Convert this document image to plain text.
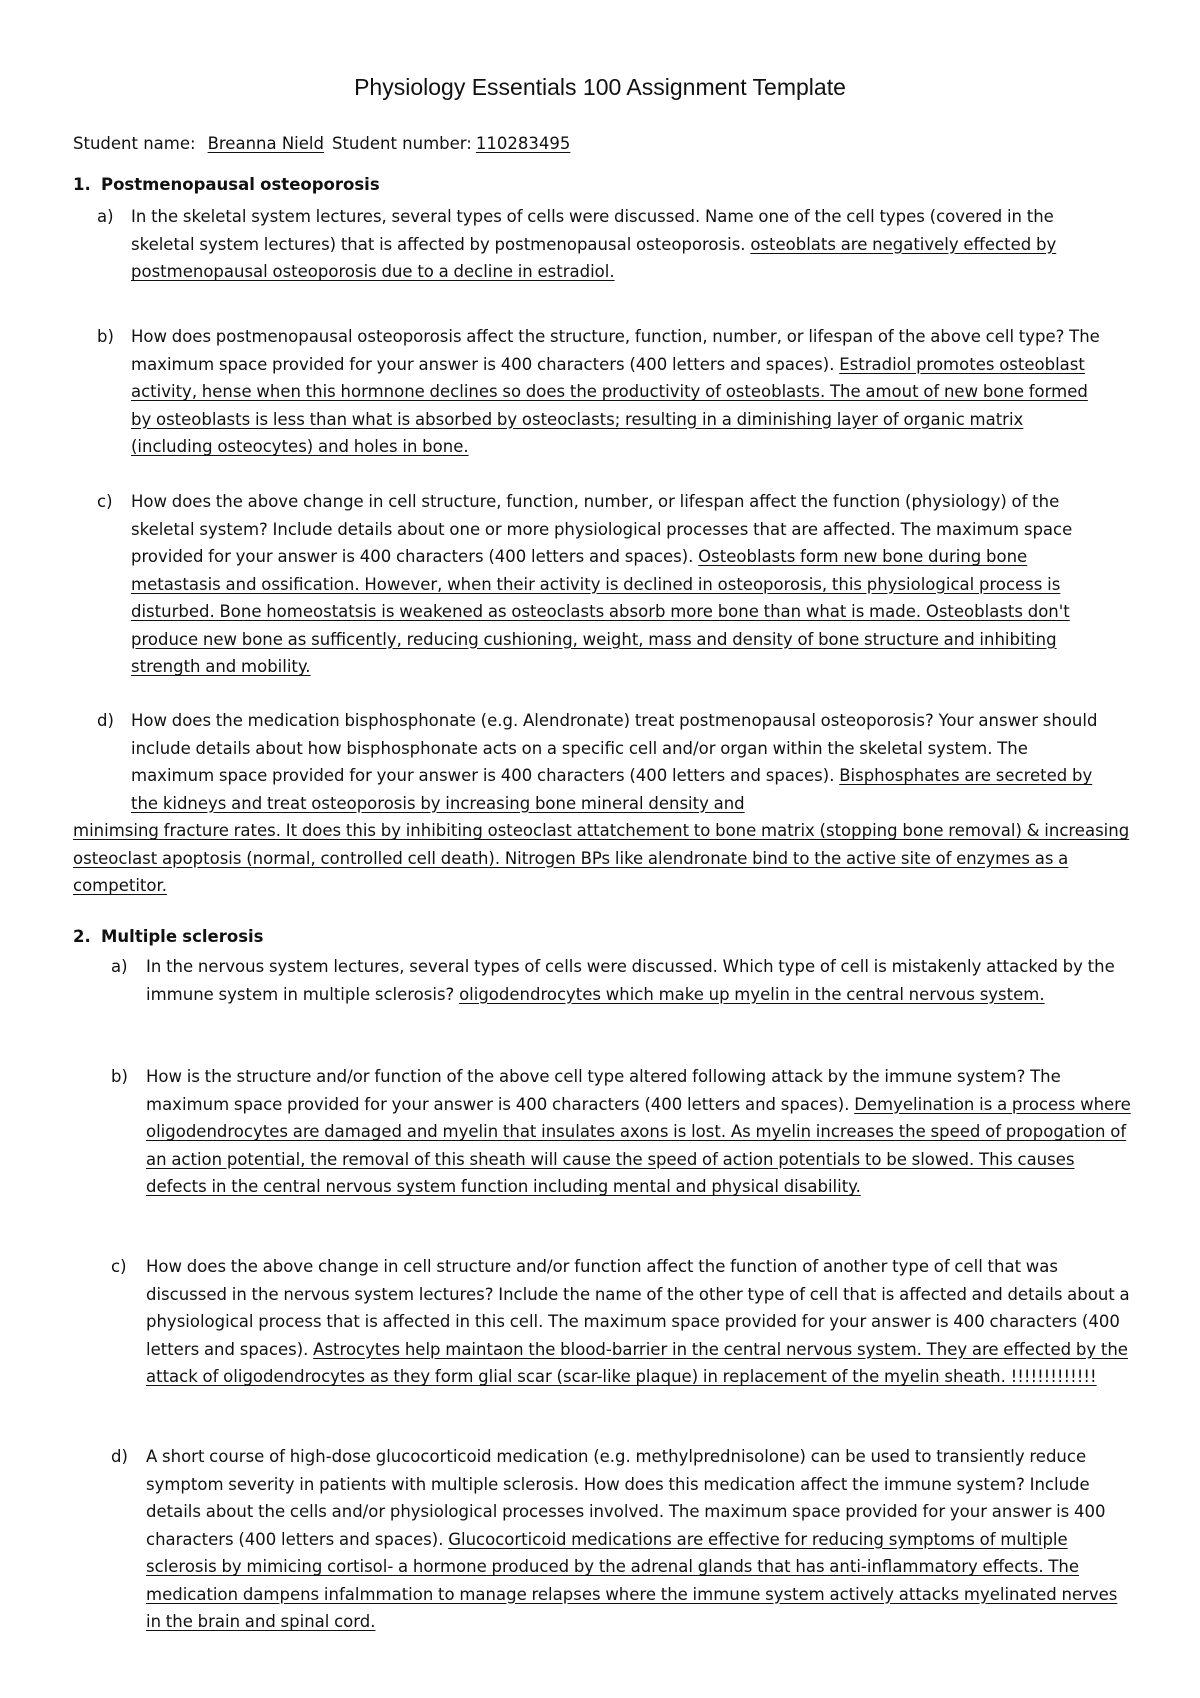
Physiology Essentials 100 Assignment Template
Student name: Breanna Nield Student number: 110283495
1. Postmenopausal osteoporosis
a) In the skeletal system lectures, several types of cells were discussed. Name one of the cell types (covered in the skeletal system lectures) that is affected by postmenopausal osteoporosis. osteoblats are negatively effected by postmenopausal osteoporosis due to a decline in estradiol.
b) How does postmenopausal osteoporosis affect the structure, function, number, or lifespan of the above cell type? The maximum space provided for your answer is 400 characters (400 letters and spaces). Estradiol promotes osteoblast activity, hense when this hormnone declines so does the productivity of osteoblasts. The amout of new bone formed by osteoblasts is less than what is absorbed by osteoclasts; resulting in a diminishing layer of organic matrix (including osteocytes) and holes in bone.
c) How does the above change in cell structure, function, number, or lifespan affect the function (physiology) of the skeletal system? Include details about one or more physiological processes that are affected. The maximum space provided for your answer is 400 characters (400 letters and spaces). Osteoblasts form new bone during bone metastasis and ossification. However, when their activity is declined in osteoporosis, this physiological process is disturbed. Bone homeostatsis is weakened as osteoclasts absorb more bone than what is made. Osteoblasts don't produce new bone as sufficently, reducing cushioning, weight, mass and density of bone structure and inhibiting strength and mobility.
d) How does the medication bisphosphonate (e.g. Alendronate) treat postmenopausal osteoporosis? Your answer should include details about how bisphosphonate acts on a specific cell and/or organ within the skeletal system. The maximum space provided for your answer is 400 characters (400 letters and spaces). Bisphosphates are secreted by the kidneys and treat osteoporosis by increasing bone mineral density and
minimsing fracture rates. It does this by inhibiting osteoclast attatchement to bone matrix (stopping bone removal) & increasing osteoclast apoptosis (normal, controlled cell death). Nitrogen BPs like alendronate bind to the active site of enzymes as a competitor.
2. Multiple sclerosis
a) In the nervous system lectures, several types of cells were discussed. Which type of cell is mistakenly attacked by the immune system in multiple sclerosis? oligodendrocytes which make up myelin in the central nervous system.
b) How is the structure and/or function of the above cell type altered following attack by the immune system? The maximum space provided for your answer is 400 characters (400 letters and spaces). Demyelination is a process where oligodendrocytes are damaged and myelin that insulates axons is lost. As myelin increases the speed of propogation of an action potential, the removal of this sheath will cause the speed of action potentials to be slowed. This causes defects in the central nervous system function including mental and physical disability.
c) How does the above change in cell structure and/or function affect the function of another type of cell that was discussed in the nervous system lectures? Include the name of the other type of cell that is affected and details about a physiological process that is affected in this cell. The maximum space provided for your answer is 400 characters (400 letters and spaces). Astrocytes help maintaon the blood-barrier in the central nervous system. They are effected by the attack of oligodendrocytes as they form glial scar (scar-like plaque) in replacement of the myelin sheath. !!!!!!!!!!!!!
d) A short course of high-dose glucocorticoid medication (e.g. methylprednisolone) can be used to transiently reduce symptom severity in patients with multiple sclerosis. How does this medication affect the immune system? Include details about the cells and/or physiological processes involved. The maximum space provided for your answer is 400 characters (400 letters and spaces). Glucocorticoid medications are effective for reducing symptoms of multiple sclerosis by mimicing cortisol- a hormone produced by the adrenal glands that has anti-inflammatory effects. The medication dampens infalmmation to manage relapses where the immune system actively attacks myelinated nerves in the brain and spinal cord.
